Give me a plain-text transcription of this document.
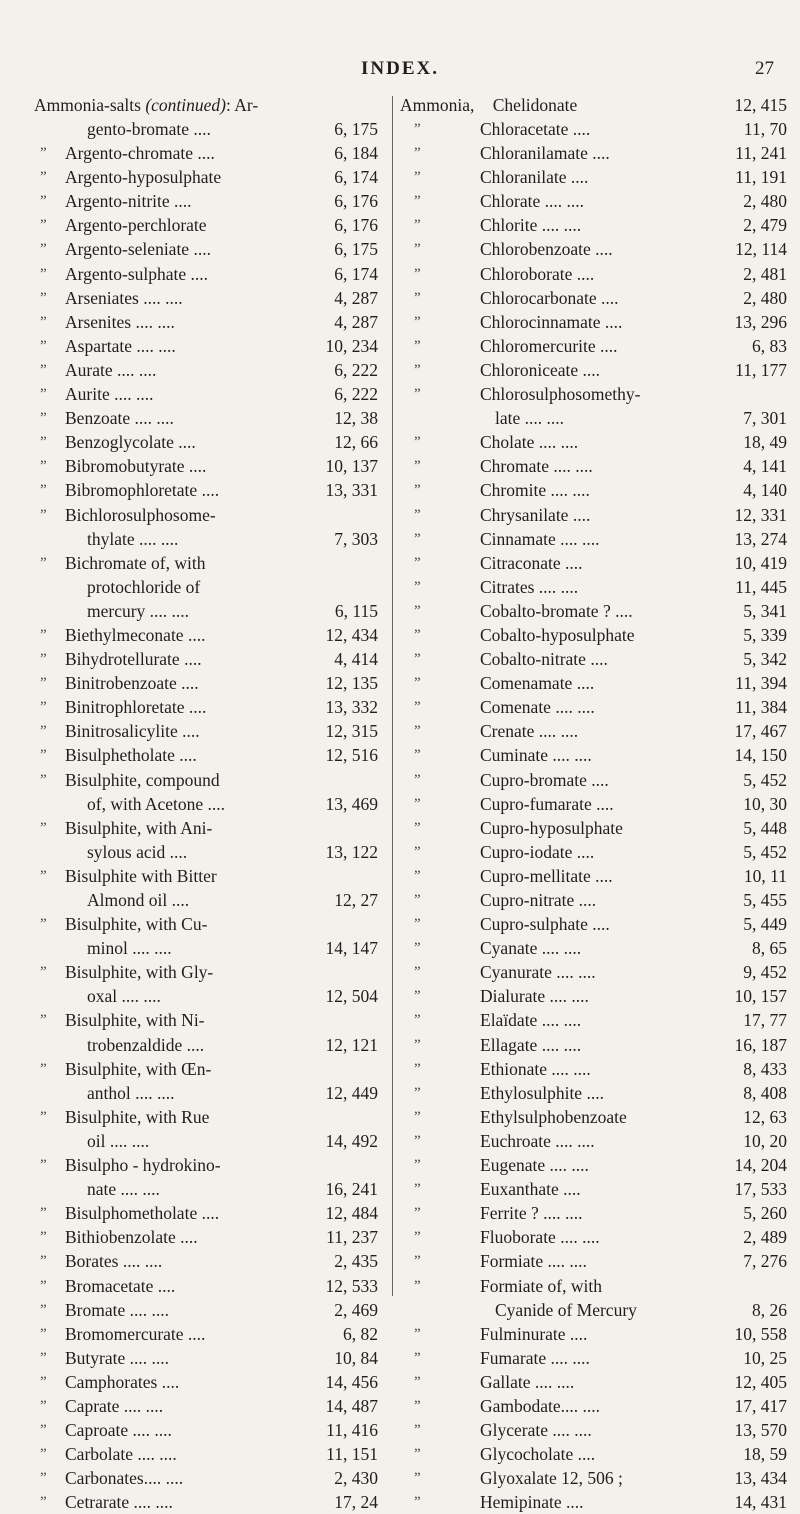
INDEX.	27
Ammonia-salts (continued): Ar-
gento-bromate ....	6, 175
” Argento-chromate ....	6, 184
” Argento-hyposulphate	6, 174
” Argento-nitrite ....	6, 176
” Argento-perchlorate	6, 176
” Argento-seleniate ....	6, 175
” Argento-sulphate ....	6, 174
” Arseniates .... ....	4, 287
” Arsenites .... ....	4, 287
” Aspartate .... ....	10, 234
” Aurate .... ....	6, 222
” Aurite .... ....	6, 222
” Benzoate .... ....	12, 38
” Benzoglycolate ....	12, 66
” Bibromobutyrate ....	10, 137
” Bibromophloretate ....	13, 331
” Bichlorosulphosome-
thylate .... ....	7, 303
” Bichromate of, with
protochloride of
mercury .... ....	6, 115
” Biethylmeconate ....	12, 434
” Bihydrotellurate ....	4, 414
” Binitrobenzoate ....	12, 135
” Binitrophloretate ....	13, 332
” Binitrosalicylite ....	12, 315
” Bisulphetholate ....	12, 516
” Bisulphite, compound
of, with Acetone ....	13, 469
” Bisulphite, with Ani-
sylous acid ....	13, 122
” Bisulphite with Bitter
Almond oil ....	12, 27
” Bisulphite, with Cu-
minol .... ....	14, 147
” Bisulphite, with Gly-
oxal .... ....	12, 504
” Bisulphite, with Ni-
trobenzaldide ....	12, 121
” Bisulphite, with Œn-
anthol .... ....	12, 449
” Bisulphite, with Rue
oil .... ....	14, 492
” Bisulpho - hydrokino-
nate .... ....	16, 241
” Bisulphometholate ....	12, 484
” Bithiobenzolate ....	11, 237
” Borates .... ....	2, 435
” Bromacetate ....	12, 533
” Bromate .... ....	2, 469
” Bromomercurate ....	6, 82
” Butyrate .... ....	10, 84
” Camphorates ....	14, 456
” Caprate .... ....	14, 487
” Caproate .... ....	11, 416
” Carbolate .... ....	11, 151
” Carbonates.... ....	2, 430
” Cetrarate .... ....	17, 24
Ammonia, Chelidonate	12, 415
”	Chloracetate ....	11, 70
”	Chloranilamate ....	11, 241
”	Chloranilate ....	11, 191
”	Chlorate .... ....	2, 480
”	Chlorite .... ....	2, 479
”	Chlorobenzoate ....	12, 114
”	Chloroborate ....	2, 481
”	Chlorocarbonate ....	2, 480
”	Chlorocinnamate ....	13, 296
”	Chloromercurite ....	6, 83
”	Chloroniceate ....	11, 177
”	Chlorosulphosomethy-
late .... ....	7, 301
”	Cholate .... ....	18, 49
”	Chromate .... ....	4, 141
”	Chromite .... ....	4, 140
”	Chrysanilate ....	12, 331
”	Cinnamate .... ....	13, 274
”	Citraconate ....	10, 419
”	Citrates .... ....	11, 445
”	Cobalto-bromate ? ....	5, 341
”	Cobalto-hyposulphate	5, 339
”	Cobalto-nitrate ....	5, 342
”	Comenamate ....	11, 394
”	Comenate .... ....	11, 384
”	Crenate .... ....	17, 467
”	Cuminate .... ....	14, 150
”	Cupro-bromate ....	5, 452
”	Cupro-fumarate ....	10, 30
”	Cupro-hyposulphate	5, 448
”	Cupro-iodate ....	5, 452
”	Cupro-mellitate ....	10, 11
”	Cupro-nitrate ....	5, 455
”	Cupro-sulphate ....	5, 449
”	Cyanate .... ....	8, 65
”	Cyanurate .... ....	9, 452
”	Dialurate .... ....	10, 157
”	Elaïdate .... ....	17, 77
”	Ellagate .... ....	16, 187
”	Ethionate .... ....	8, 433
”	Ethylosulphite ....	8, 408
”	Ethylsulphobenzoate	12, 63
”	Euchroate .... ....	10, 20
”	Eugenate .... ....	14, 204
”	Euxanthate ....	17, 533
”	Ferrite ? .... ....	5, 260
”	Fluoborate .... ....	2, 489
”	Formiate .... ....	7, 276
”	Formiate of, with
Cyanide of Mercury	8, 26
”	Fulminurate ....	10, 558
”	Fumarate .... ....	10, 25
”	Gallate .... ....	12, 405
”	Gambodate.... ....	17, 417
”	Glycerate .... ....	13, 570
”	Glycocholate ....	18, 59
”	Glyoxalate 12, 506 ;	13, 434
”	Hemipinate ....	14, 431
